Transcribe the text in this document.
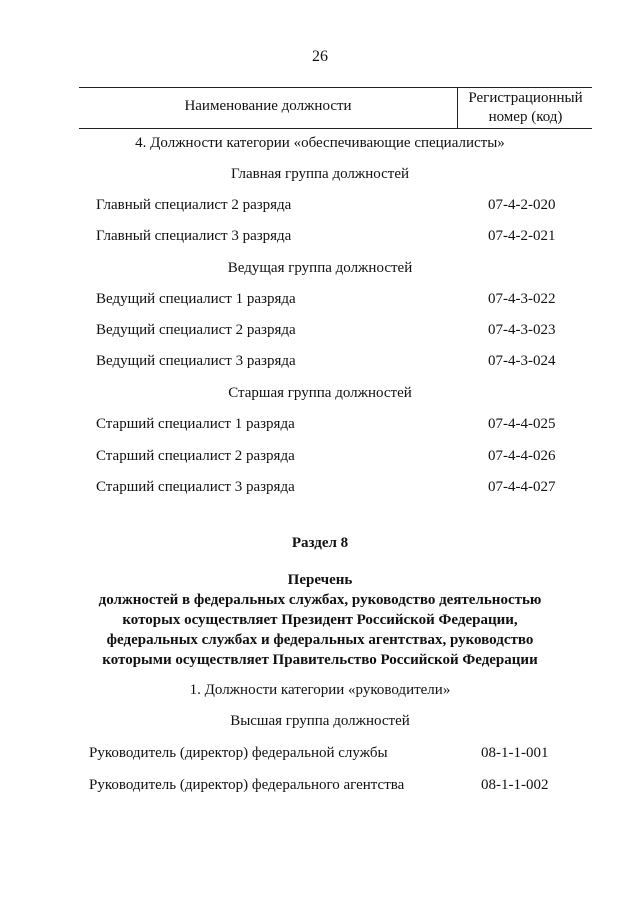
26
Наименование должности	Регистрационный номер (код)
4. Должности категории «обеспечивающие специалисты»
Главная группа должностей
Главный специалист 2 разряда	07-4-2-020
Главный специалист 3 разряда	07-4-2-021
Ведущая группа должностей
Ведущий специалист 1 разряда	07-4-3-022
Ведущий специалист 2 разряда	07-4-3-023
Ведущий специалист 3 разряда	07-4-3-024
Старшая группа должностей
Старший специалист 1 разряда	07-4-4-025
Старший специалист 2 разряда	07-4-4-026
Старший специалист 3 разряда	07-4-4-027
Раздел 8
Перечень
должностей в федеральных службах, руководство деятельностью
которых осуществляет Президент Российской Федерации,
федеральных службах и федеральных агентствах, руководство
которыми осуществляет Правительство Российской Федерации
1. Должности категории «руководители»
Высшая группа должностей
Руководитель (директор) федеральной службы	08-1-1-001
Руководитель (директор) федерального агентства	08-1-1-002
